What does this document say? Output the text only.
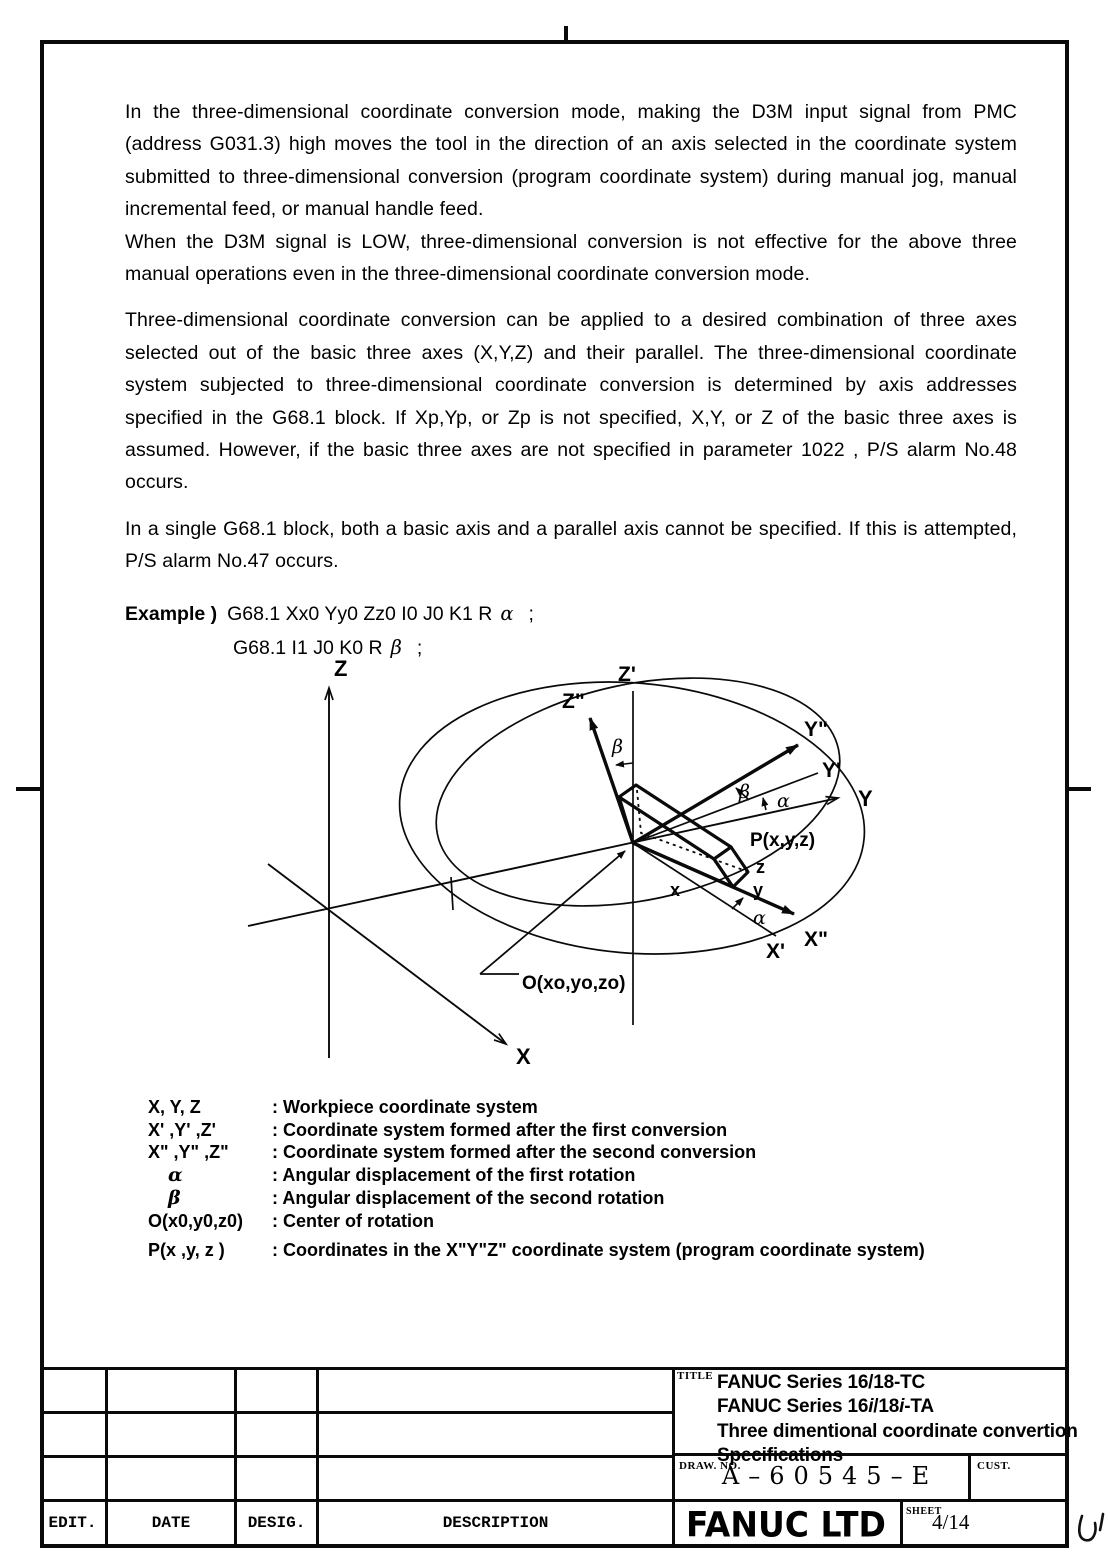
In the three-dimensional coordinate conversion mode, making the D3M input signal from PMC (address G031.3) high moves the tool in the direction of an axis selected in the coordinate system submitted to three-dimensional conversion (program coordinate system) during manual jog, manual incremental feed, or manual handle feed.

When the D3M signal is LOW, three-dimensional conversion is not effective for the above three manual operations even in the three-dimensional coordinate conversion mode.

Three-dimensional coordinate conversion can be applied to a desired combination of three axes selected out of the basic three axes (X,Y,Z) and their parallel. The three-dimensional coordinate system subjected to three-dimensional coordinate conversion is determined by axis addresses specified in the G68.1 block. If Xp,Yp, or Zp is not specified, X,Y, or Z of the basic three axes is assumed. However, if the basic three axes are not specified in parameter 1022 , P/S alarm No.48 occurs.

In a single G68.1 block, both a basic axis and a parallel axis cannot be specified. If this is attempted, P/S alarm No.47 occurs.

Example ) G68.1 Xx0 Yy0 Zz0 I0 J0 K1 R α ;
G68.1 I1 J0 K0 R β ;
Z
X
Y
Z'
Z"
Y"
Y'
X'
X"
P(x,y,z)
O(xo,yo,zo)
x	y
z
α
β
β
α
X, Y, Z	: Workpiece coordinate system
X' ,Y' ,Z'	: Coordinate system formed after the first conversion
X" ,Y" ,Z"	: Coordinate system formed after the second conversion
α	: Angular displacement of the first rotation
β	: Angular displacement of the second rotation
O(x0,y0,z0)	: Center of rotation
P(x ,y, z )	: Coordinates in the X"Y"Z" coordinate system (program coordinate system)
TITLE FANUC Series 16/18-TC
FANUC Series 16i/18i-TA
Three dimentional coordinate convertion
Specifications
DRAW. NO.
A–60545–E	CUST.
FANUC LTD	SHEET
4/14
EDIT.	DATE	DESIG.	DESCRIPTION
